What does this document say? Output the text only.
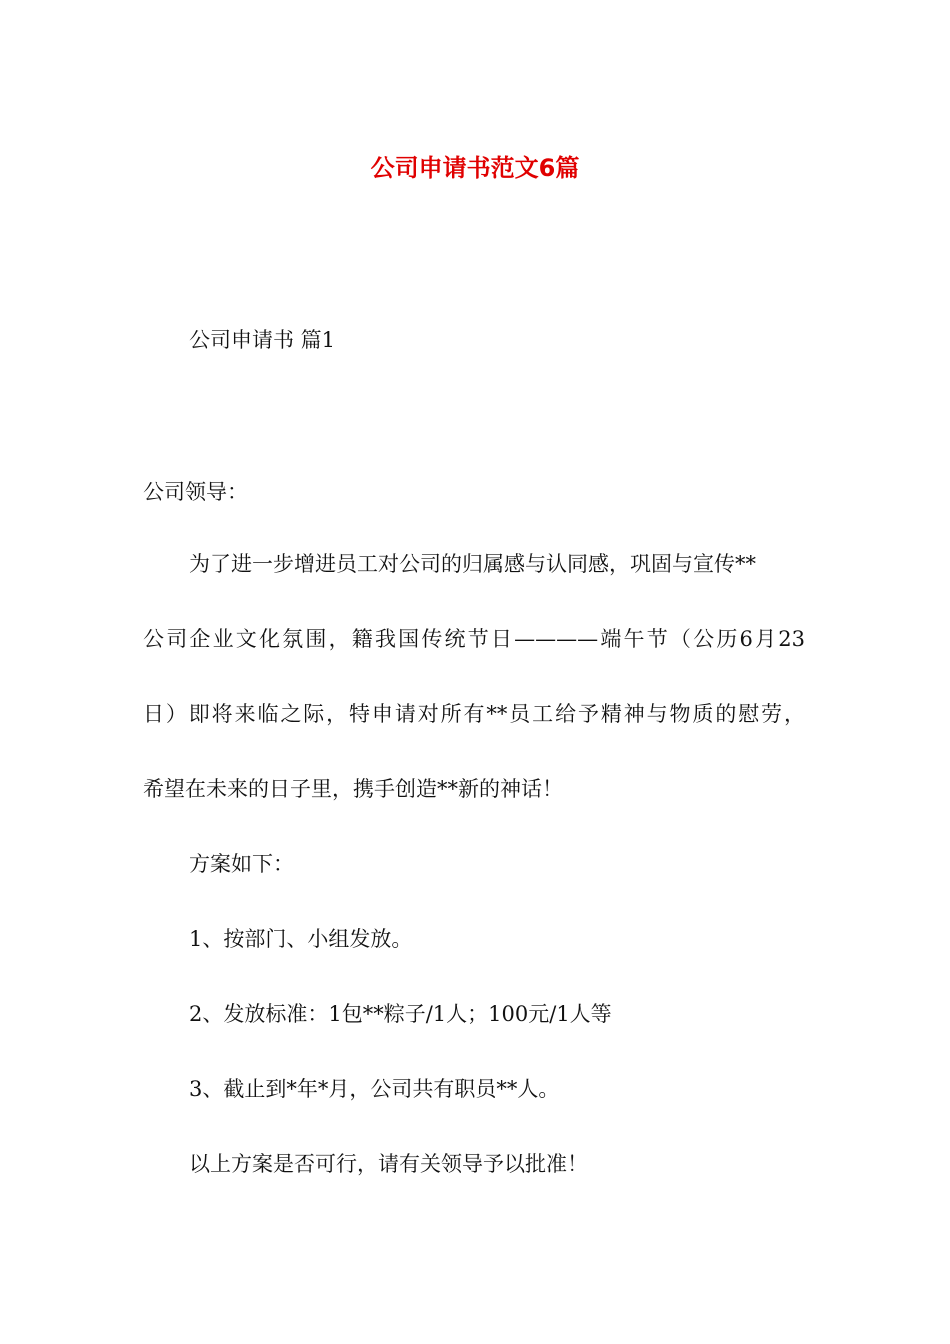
公司申请书范文6篇

公司申请书 篇1

公司领导：

为了进一步增进员工对公司的归属感与认同感，巩固与宣传**

公司企业文化氛围，籍我国传统节日————端午节（公历6月23

日）即将来临之际，特申请对所有**员工给予精神与物质的慰劳，

希望在未来的日子里，携手创造**新的神话！

方案如下：

1、按部门、小组发放。

2、发放标准：1包**粽子/1人；100元/1人等

3、截止到*年*月，公司共有职员**人。

以上方案是否可行，请有关领导予以批准！
